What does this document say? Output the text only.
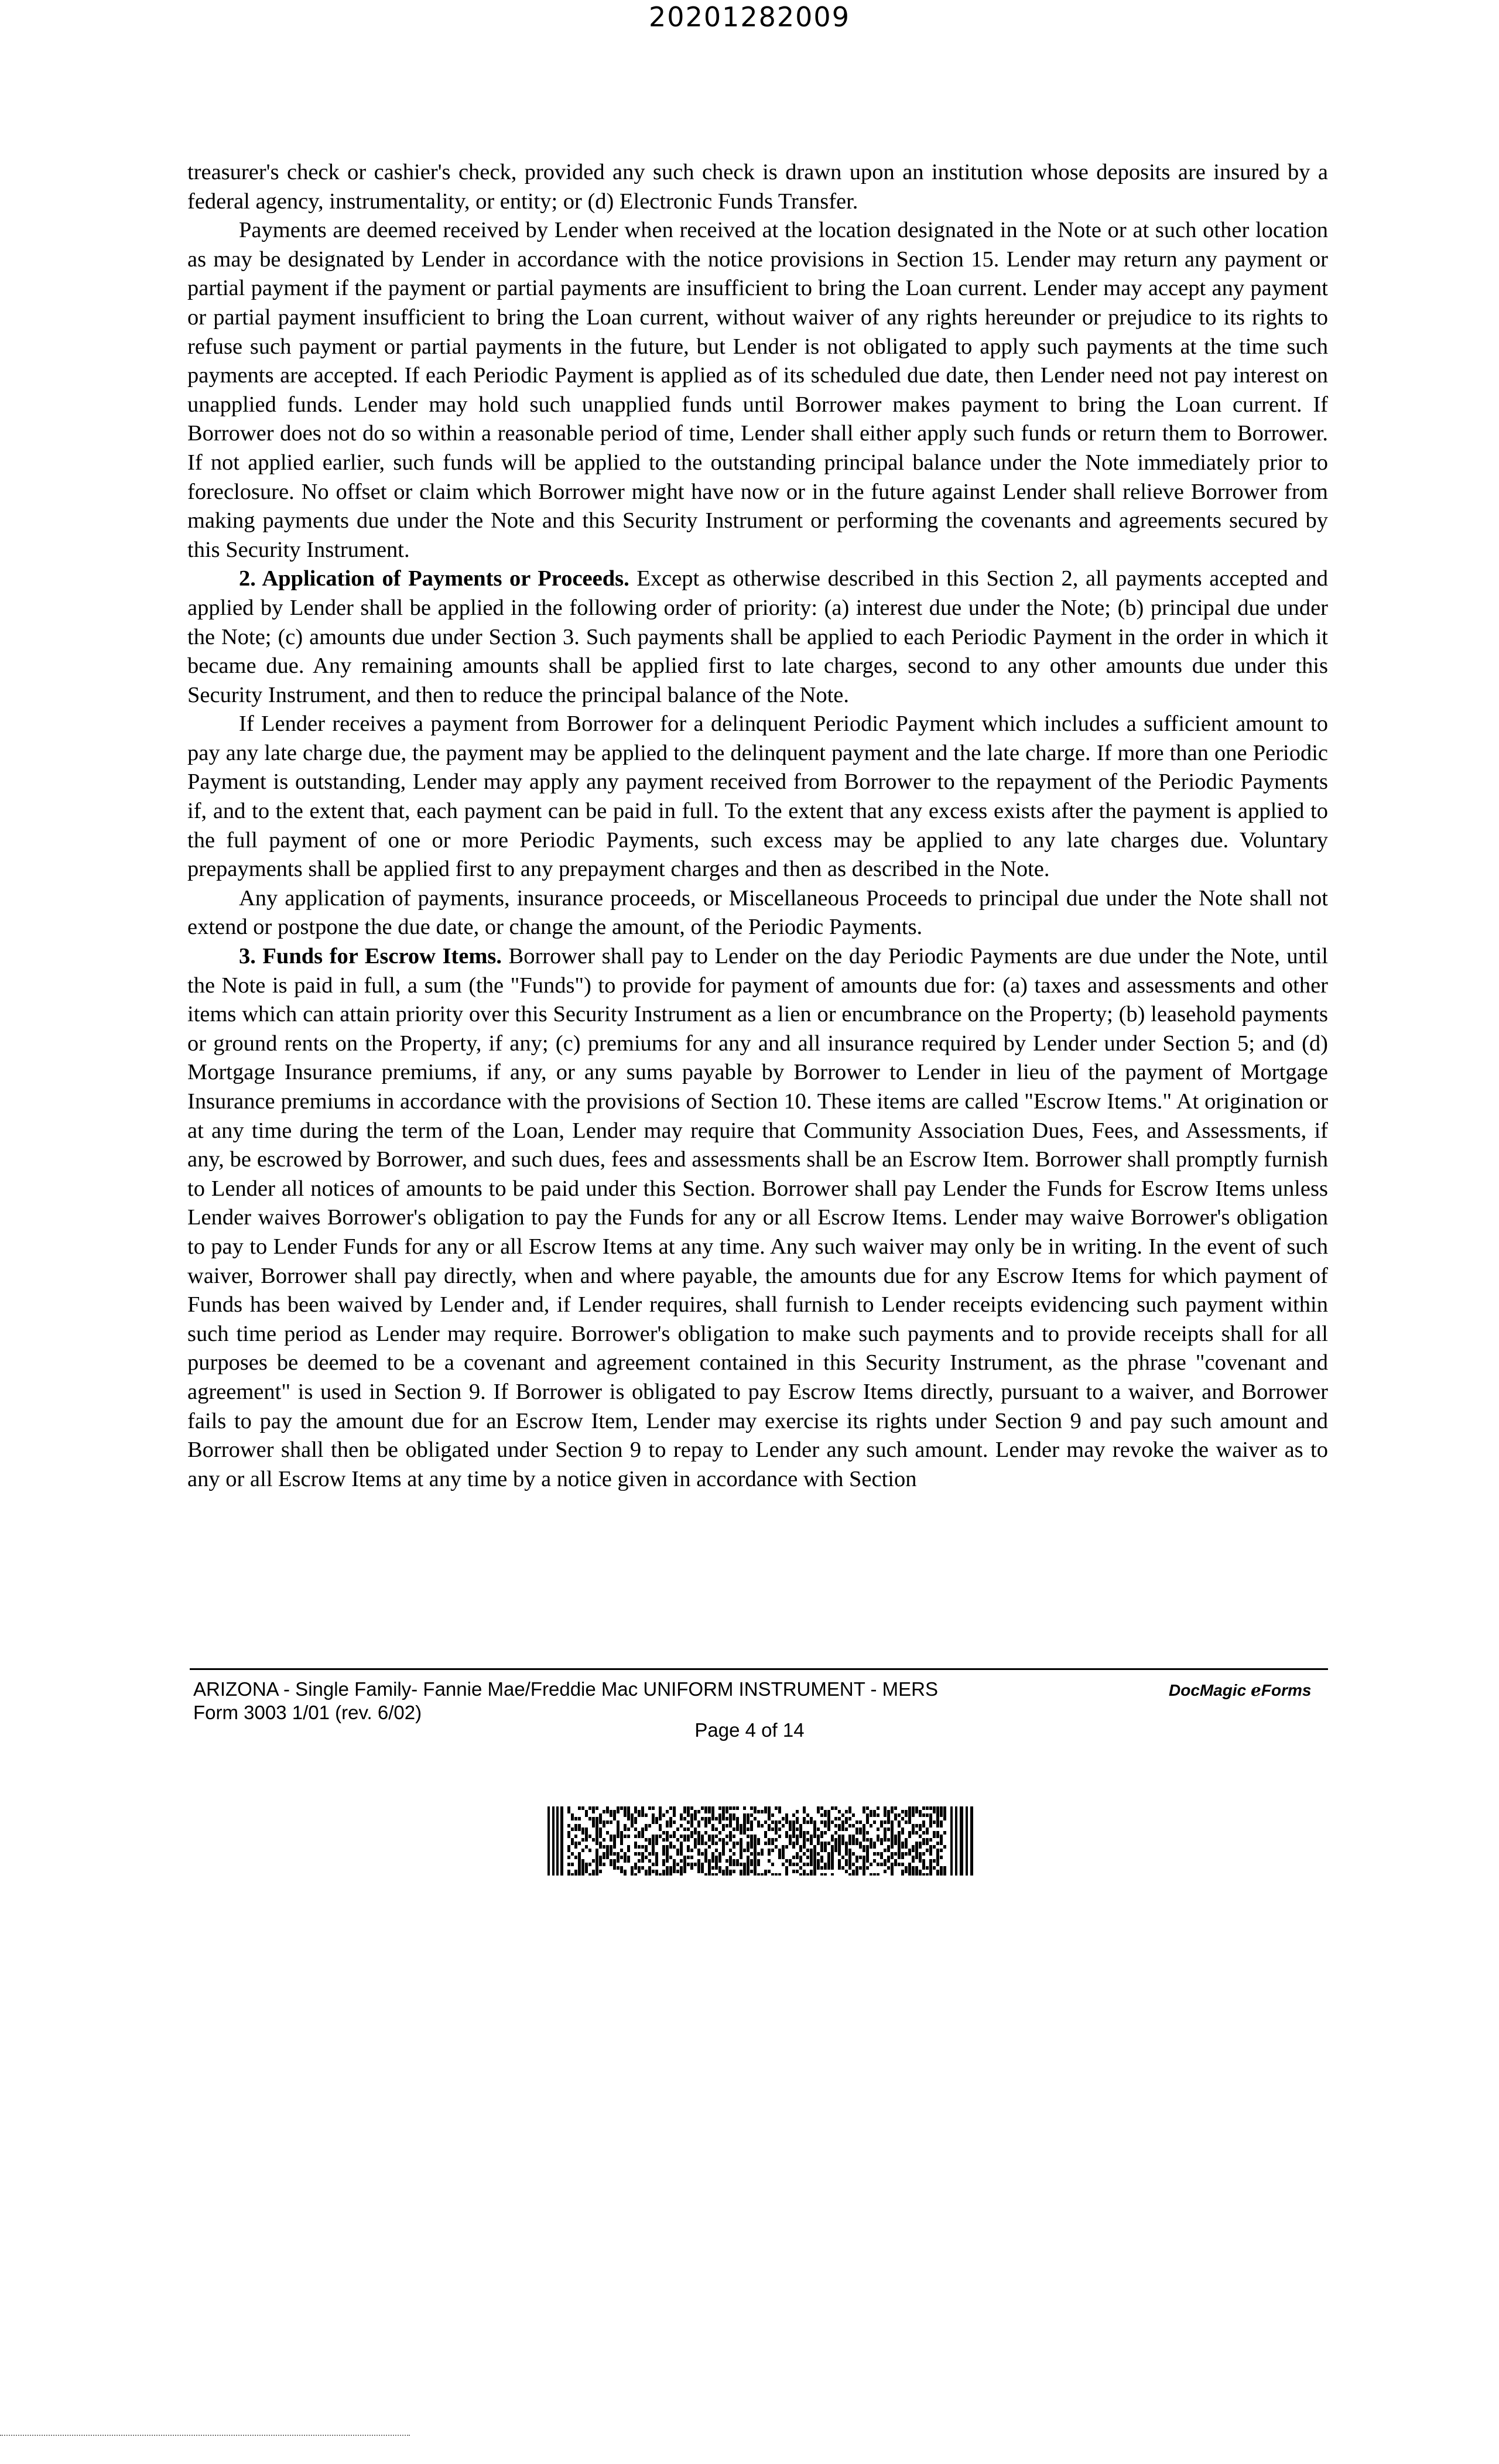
20201282009

treasurer's check or cashier's check, provided any such check is drawn upon an institution whose deposits are insured by a federal agency, instrumentality, or entity; or (d) Electronic Funds Transfer.

Payments are deemed received by Lender when received at the location designated in the Note or at such other location as may be designated by Lender in accordance with the notice provisions in Section 15. Lender may return any payment or partial payment if the payment or partial payments are insufficient to bring the Loan current. Lender may accept any payment or partial payment insufficient to bring the Loan current, without waiver of any rights hereunder or prejudice to its rights to refuse such payment or partial payments in the future, but Lender is not obligated to apply such payments at the time such payments are accepted. If each Periodic Payment is applied as of its scheduled due date, then Lender need not pay interest on unapplied funds. Lender may hold such unapplied funds until Borrower makes payment to bring the Loan current. If Borrower does not do so within a reasonable period of time, Lender shall either apply such funds or return them to Borrower. If not applied earlier, such funds will be applied to the outstanding principal balance under the Note immediately prior to foreclosure. No offset or claim which Borrower might have now or in the future against Lender shall relieve Borrower from making payments due under the Note and this Security Instrument or performing the covenants and agreements secured by this Security Instrument.

2. Application of Payments or Proceeds. Except as otherwise described in this Section 2, all payments accepted and applied by Lender shall be applied in the following order of priority: (a) interest due under the Note; (b) principal due under the Note; (c) amounts due under Section 3. Such payments shall be applied to each Periodic Payment in the order in which it became due. Any remaining amounts shall be applied first to late charges, second to any other amounts due under this Security Instrument, and then to reduce the principal balance of the Note.

If Lender receives a payment from Borrower for a delinquent Periodic Payment which includes a sufficient amount to pay any late charge due, the payment may be applied to the delinquent payment and the late charge. If more than one Periodic Payment is outstanding, Lender may apply any payment received from Borrower to the repayment of the Periodic Payments if, and to the extent that, each payment can be paid in full. To the extent that any excess exists after the payment is applied to the full payment of one or more Periodic Payments, such excess may be applied to any late charges due. Voluntary prepayments shall be applied first to any prepayment charges and then as described in the Note.

Any application of payments, insurance proceeds, or Miscellaneous Proceeds to principal due under the Note shall not extend or postpone the due date, or change the amount, of the Periodic Payments.

3. Funds for Escrow Items. Borrower shall pay to Lender on the day Periodic Payments are due under the Note, until the Note is paid in full, a sum (the "Funds") to provide for payment of amounts due for: (a) taxes and assessments and other items which can attain priority over this Security Instrument as a lien or encumbrance on the Property; (b) leasehold payments or ground rents on the Property, if any; (c) premiums for any and all insurance required by Lender under Section 5; and (d) Mortgage Insurance premiums, if any, or any sums payable by Borrower to Lender in lieu of the payment of Mortgage Insurance premiums in accordance with the provisions of Section 10. These items are called "Escrow Items." At origination or at any time during the term of the Loan, Lender may require that Community Association Dues, Fees, and Assessments, if any, be escrowed by Borrower, and such dues, fees and assessments shall be an Escrow Item. Borrower shall promptly furnish to Lender all notices of amounts to be paid under this Section. Borrower shall pay Lender the Funds for Escrow Items unless Lender waives Borrower's obligation to pay the Funds for any or all Escrow Items. Lender may waive Borrower's obligation to pay to Lender Funds for any or all Escrow Items at any time. Any such waiver may only be in writing. In the event of such waiver, Borrower shall pay directly, when and where payable, the amounts due for any Escrow Items for which payment of Funds has been waived by Lender and, if Lender requires, shall furnish to Lender receipts evidencing such payment within such time period as Lender may require. Borrower's obligation to make such payments and to provide receipts shall for all purposes be deemed to be a covenant and agreement contained in this Security Instrument, as the phrase "covenant and agreement" is used in Section 9. If Borrower is obligated to pay Escrow Items directly, pursuant to a waiver, and Borrower fails to pay the amount due for an Escrow Item, Lender may exercise its rights under Section 9 and pay such amount and Borrower shall then be obligated under Section 9 to repay to Lender any such amount. Lender may revoke the waiver as to any or all Escrow Items at any time by a notice given in accordance with Section

ARIZONA - Single Family- Fannie Mae/Freddie Mac UNIFORM INSTRUMENT - MERS
Form 3003 1/01 (rev. 6/02)
Page 4 of 14
DocMagic eForms
